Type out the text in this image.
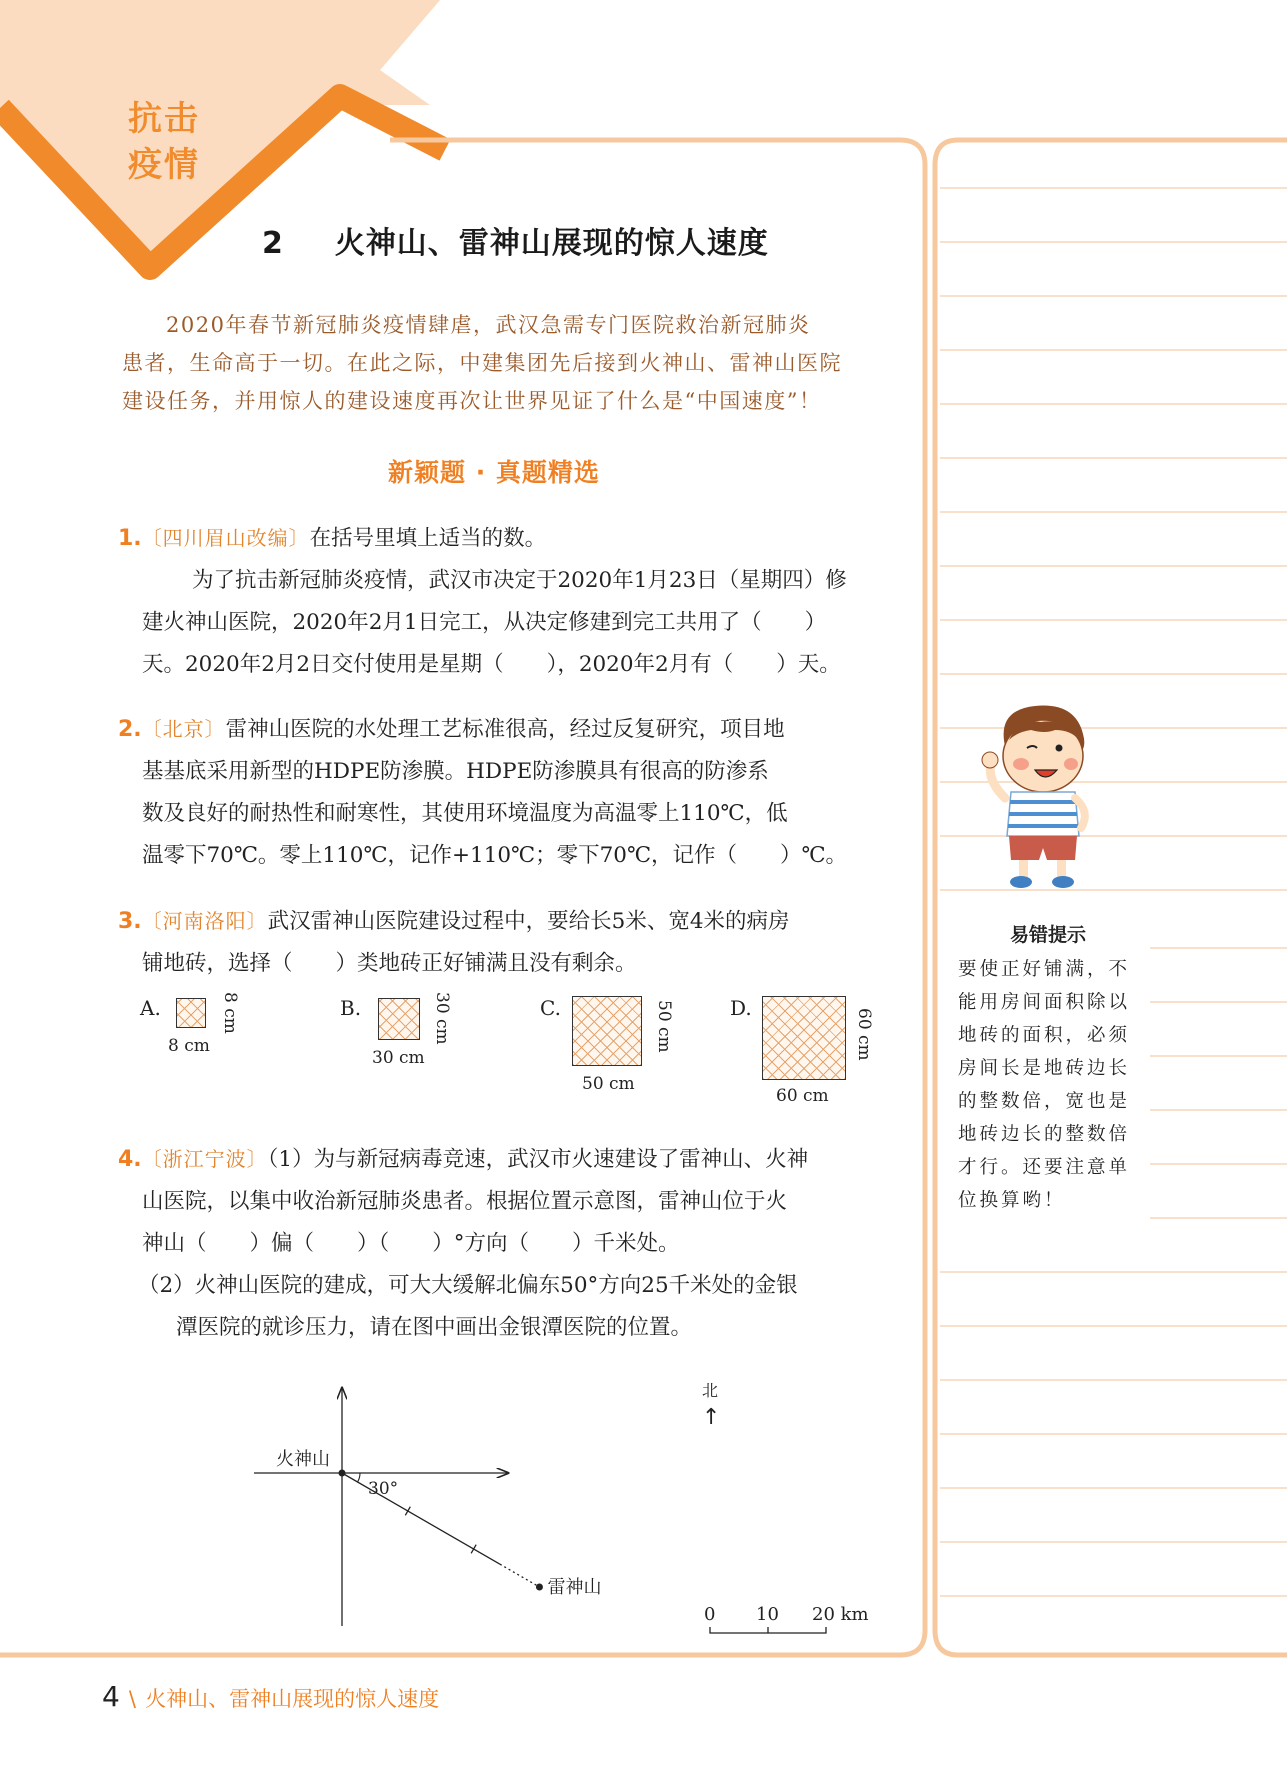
抗击
疫情
2 火神山、雷神山展现的惊人速度

2020年春节新冠肺炎疫情肆虐，武汉急需专门医院救治新冠肺炎

患者，生命高于一切。在此之际，中建集团先后接到火神山、雷神山医院

建设任务，并用惊人的建设速度再次让世界见证了什么是“中国速度”！

新颖题 · 真题精选
1.〔四川眉山改编〕在括号里填上适当的数。
为了抗击新冠肺炎疫情，武汉市决定于2020年1月23日（星期四）修
建火神山医院，2020年2月1日完工，从决定修建到完工共用了（　　）
天。2020年2月2日交付使用是星期（　　），2020年2月有（　　）天。
2.〔北京〕雷神山医院的水处理工艺标准很高，经过反复研究，项目地
基基底采用新型的HDPE防渗膜。HDPE防渗膜具有很高的防渗系
数及良好的耐热性和耐寒性，其使用环境温度为高温零上110℃，低
温零下70℃。零上110℃，记作+110℃；零下70℃，记作（　　）℃。
3.〔河南洛阳〕武汉雷神山医院建设过程中，要给长5米、宽4米的病房
铺地砖，选择（　　）类地砖正好铺满且没有剩余。
A.
8 cm
8 cm	B.
30 cm
30 cm	C.
50 cm
50 cm	D.
60 cm
60 cm
4.〔浙江宁波〕（1）为与新冠病毒竞速，武汉市火速建设了雷神山、火神
山医院，以集中收治新冠肺炎患者。根据位置示意图，雷神山位于火
神山（　　）偏（　　）（　　）°方向（　　）千米处。
（2）火神山医院的建成，可大大缓解北偏东50°方向25千米处的金银
潭医院的就诊压力，请在图中画出金银潭医院的位置。
火神山
30°
雷神山
北
↑
0 10 20 km
易错提示
要使正好铺满，不
能用房间面积除以
地砖的面积，必须
房间长是地砖边长
的整数倍，宽也是
地砖边长的整数倍
才行。还要注意单
位换算哟！
4 \ 火神山、雷神山展现的惊人速度
